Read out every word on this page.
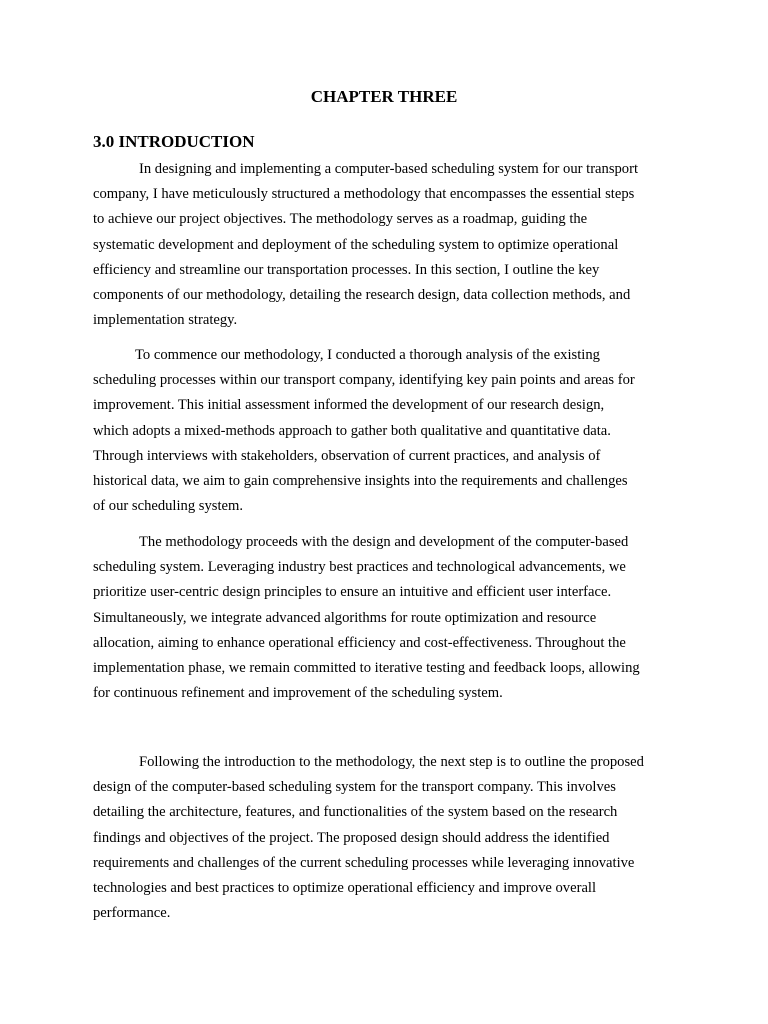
CHAPTER THREE
3.0 INTRODUCTION

In designing and implementing a computer-based scheduling system for our transport
company, I have meticulously structured a methodology that encompasses the essential steps
to achieve our project objectives. The methodology serves as a roadmap, guiding the
systematic development and deployment of the scheduling system to optimize operational
efficiency and streamline our transportation processes. In this section, I outline the key
components of our methodology, detailing the research design, data collection methods, and
implementation strategy.

To commence our methodology, I conducted a thorough analysis of the existing
scheduling processes within our transport company, identifying key pain points and areas for
improvement. This initial assessment informed the development of our research design,
which adopts a mixed-methods approach to gather both qualitative and quantitative data.
Through interviews with stakeholders, observation of current practices, and analysis of
historical data, we aim to gain comprehensive insights into the requirements and challenges
of our scheduling system.

The methodology proceeds with the design and development of the computer-based
scheduling system. Leveraging industry best practices and technological advancements, we
prioritize user-centric design principles to ensure an intuitive and efficient user interface.
Simultaneously, we integrate advanced algorithms for route optimization and resource
allocation, aiming to enhance operational efficiency and cost-effectiveness. Throughout the
implementation phase, we remain committed to iterative testing and feedback loops, allowing
for continuous refinement and improvement of the scheduling system.

Following the introduction to the methodology, the next step is to outline the proposed
design of the computer-based scheduling system for the transport company. This involves
detailing the architecture, features, and functionalities of the system based on the research
findings and objectives of the project. The proposed design should address the identified
requirements and challenges of the current scheduling processes while leveraging innovative
technologies and best practices to optimize operational efficiency and improve overall
performance.
